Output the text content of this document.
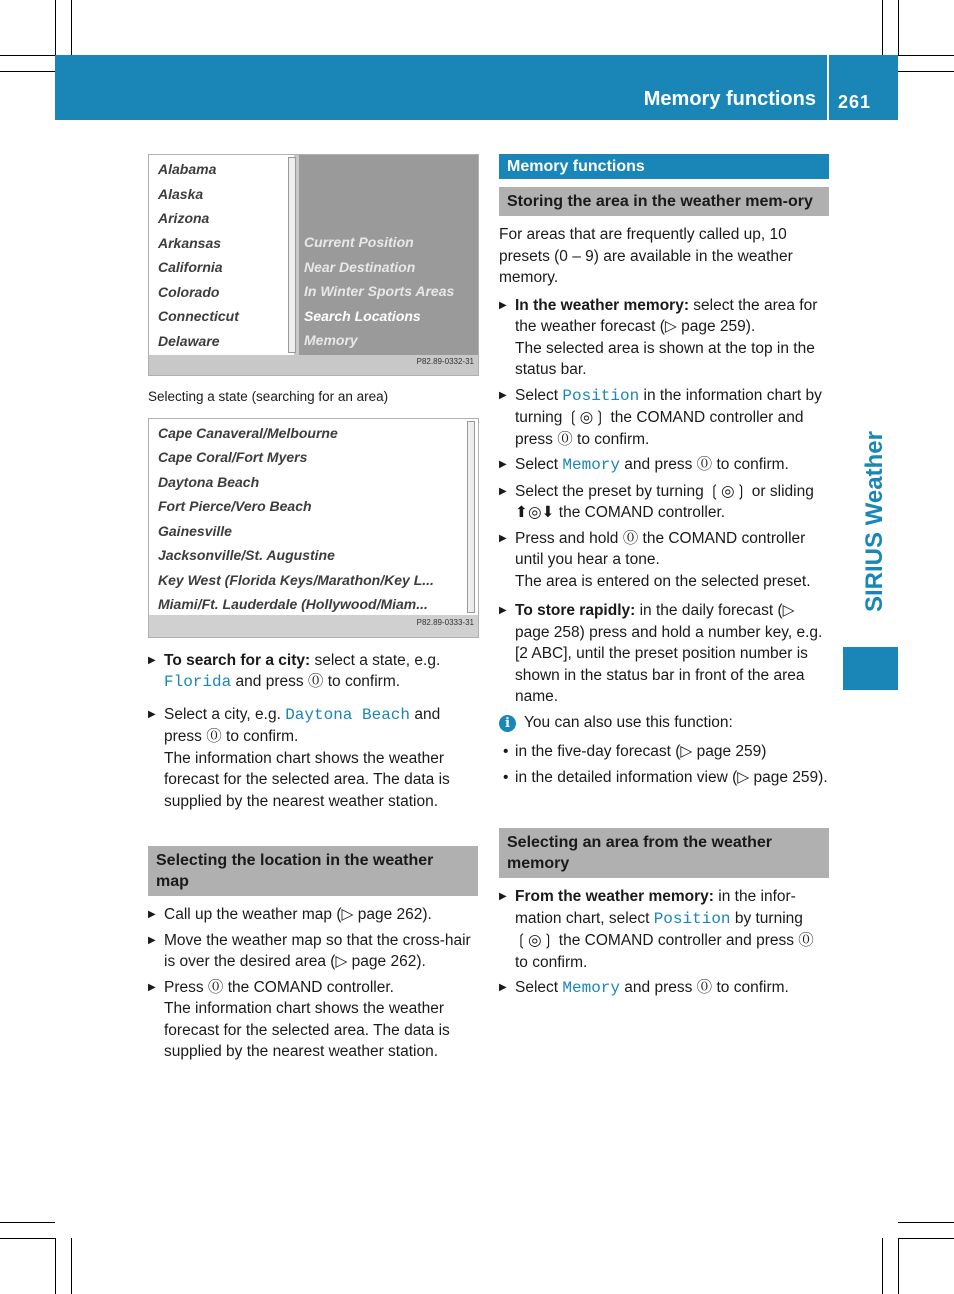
Memory functions 261
SIRIUS Weather
Alabama
Alaska
Arizona
Arkansas
California
Colorado
Connecticut
Delaware
Current Position
Near Destination
In Winter Sports Areas
Search Locations
Memory
P82.89-0332-31
Selecting a state (searching for an area)
Cape Canaveral/Melbourne
Cape Coral/Fort Myers
Daytona Beach
Fort Pierce/Vero Beach
Gainesville
Jacksonville/St. Augustine
Key West (Florida Keys/Marathon/Key L...
Miami/Ft. Lauderdale (Hollywood/Miam...
P82.89-0333-31

▶ To search for a city: select a state, e.g. Florida and press ⓪ to confirm.

▶ Select a city, e.g. Daytona Beach and press ⓪ to confirm.
The information chart shows the weather forecast for the selected area. The data is supplied by the nearest weather station.

Selecting the location in the weather map

▶ Call up the weather map (▷ page 262).

▶ Move the weather map so that the cross-hair is over the desired area (▷ page 262).

▶ Press ⓪ the COMAND controller.
The information chart shows the weather forecast for the selected area. The data is supplied by the nearest weather station.

Memory functions
Storing the area in the weather mem-ory

For areas that are frequently called up, 10 presets (0 – 9) are available in the weather memory.

▶ In the weather memory: select the area for the weather forecast (▷ page 259).
The selected area is shown at the top in the status bar.

▶ Select Position in the information chart by turning ❲◎❳ the COMAND controller and press ⓪ to confirm.

▶ Select Memory and press ⓪ to confirm.

▶ Select the preset by turning ❲◎❳ or sliding ⬆◎⬇ the COMAND controller.

▶ Press and hold ⓪ the COMAND controller until you hear a tone.
The area is entered on the selected preset.

▶ To store rapidly: in the daily forecast (▷ page 258) press and hold a number key, e.g. [2 ABC], until the preset position number is shown in the status bar in front of the area name.

i You can also use this function:

• in the five-day forecast (▷ page 259)

• in the detailed information view (▷ page 259).

Selecting an area from the weather memory

▶ From the weather memory: in the infor-mation chart, select Position by turning ❲◎❳ the COMAND controller and press ⓪ to confirm.

▶ Select Memory and press ⓪ to confirm.
